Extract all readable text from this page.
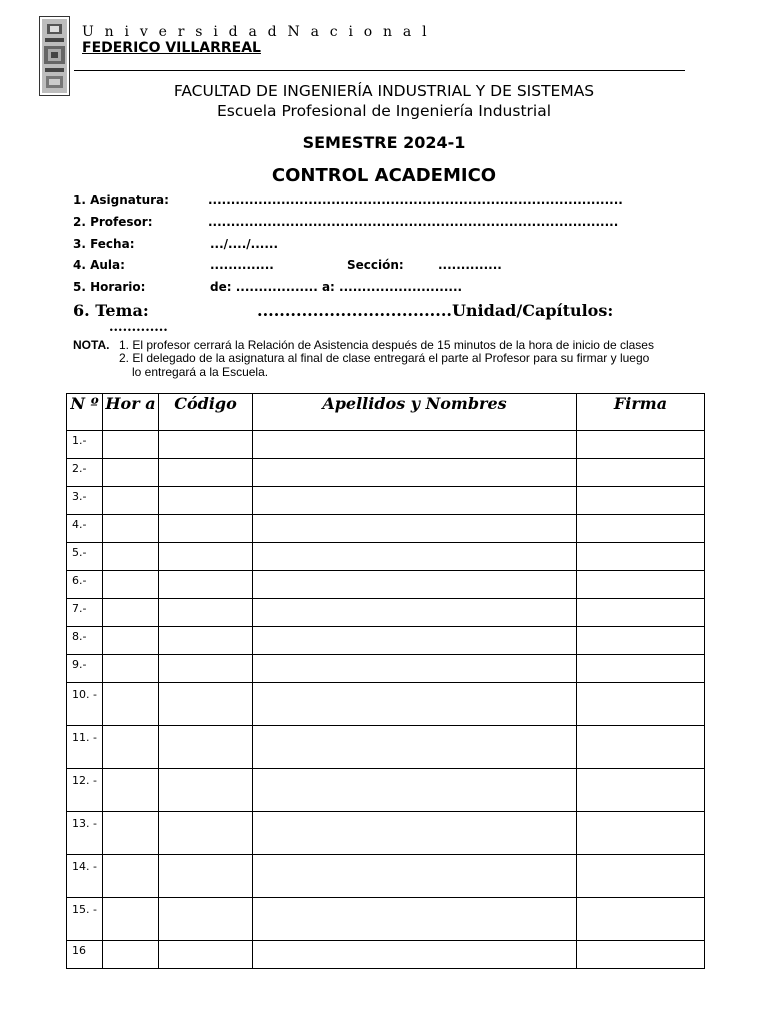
U n i v e r s i d a d N a c i o n a l
FEDERICO VILLARREAL
FACULTAD DE INGENIERÍA INDUSTRIAL Y DE SISTEMAS
Escuela Profesional de Ingeniería Industrial
SEMESTRE 2024-1
CONTROL ACADEMICO
1. Asignatura:	...........................................................................................
2. Profesor:	..........................................................................................
3. Fecha:	.../..../......
4. Aula:	..............	Sección:	..............
5. Horario:	de: .................. a: ...........................
6. Tema:	...................................Unidad/Capítulos:
.............
NOTA. 1. El profesor cerrará la Relación de Asistencia después de 15 minutos de la hora de inicio de clases
2. El delegado de la asignatura al final de clase entregará el parte al Profesor para su firmar y luego
lo entregará a la Escuela.
N º	Hor a	Código	Apellidos y Nombres	Firma
1.-				
2.-				
3.-				
4.-				
5.-				
6.-				
7.-				
8.-				
9.-				
10. -				
11. -				
12. -				
13. -				
14. -				
15. -				
16				
